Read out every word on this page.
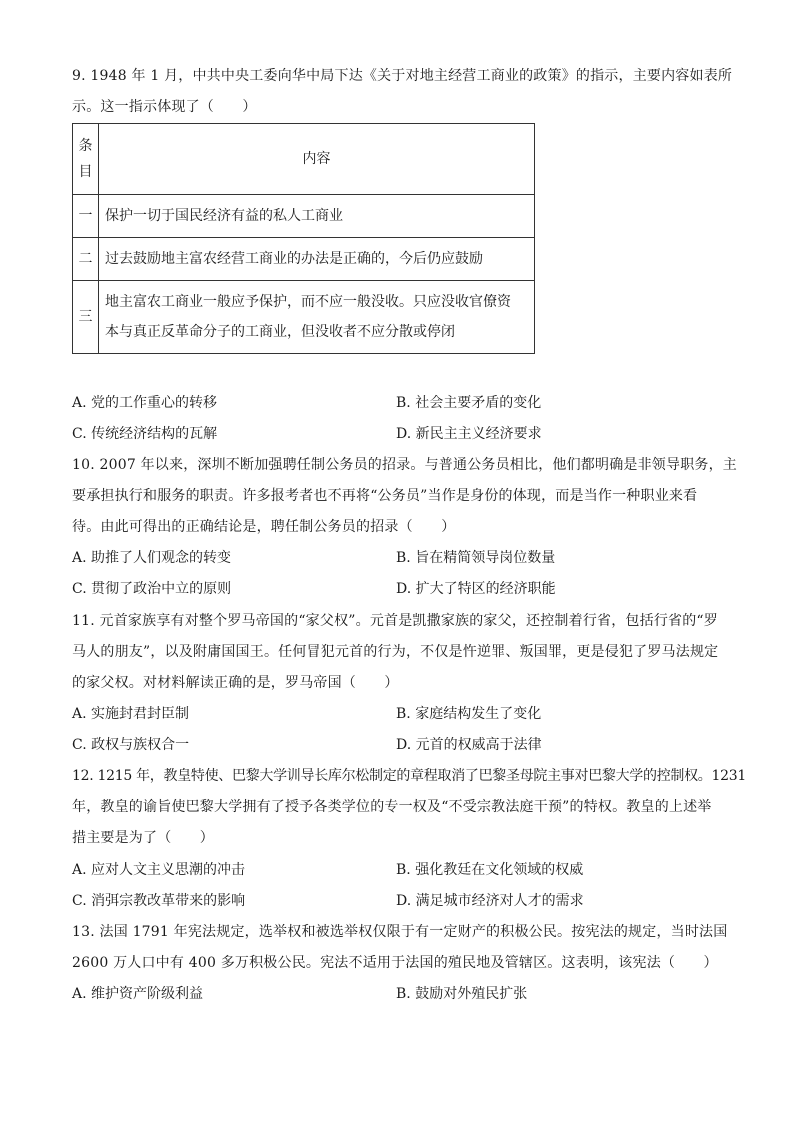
9. 1948 年 1 月，中共中央工委向华中局下达《关于对地主经营工商业的政策》的指示，主要内容如表所
示。这一指示体现了（　　）
条
目	内容
一	保护一切于国民经济有益的私人工商业
二	过去鼓励地主富农经营工商业的办法是正确的，今后仍应鼓励
三	地主富农工商业一般应予保护，而不应一般没收。只应没收官僚资
本与真正反革命分子的工商业，但没收者不应分散或停闭
A. 党的工作重心的转移	B. 社会主要矛盾的变化
C. 传统经济结构的瓦解	D. 新民主主义经济要求
10. 2007 年以来，深圳不断加强聘任制公务员的招录。与普通公务员相比，他们都明确是非领导职务，主
要承担执行和服务的职责。许多报考者也不再将“公务员”当作是身份的体现，而是当作一种职业来看
待。由此可得出的正确结论是，聘任制公务员的招录（　　）
A. 助推了人们观念的转变	B. 旨在精简领导岗位数量
C. 贯彻了政治中立的原则	D. 扩大了特区的经济职能
11. 元首家族享有对整个罗马帝国的“家父权”。元首是凯撒家族的家父，还控制着行省，包括行省的“罗
马人的朋友”，以及附庸国国王。任何冒犯元首的行为，不仅是忤逆罪、叛国罪，更是侵犯了罗马法规定
的家父权。对材料解读正确的是，罗马帝国（　　）
A. 实施封君封臣制	B. 家庭结构发生了变化
C. 政权与族权合一	D. 元首的权威高于法律
12. 1215 年，教皇特使、巴黎大学训导长库尔松制定的章程取消了巴黎圣母院主事对巴黎大学的控制权。1231
年，教皇的谕旨使巴黎大学拥有了授予各类学位的专一权及“不受宗教法庭干预”的特权。教皇的上述举
措主要是为了（　　）
A. 应对人文主义思潮的冲击	B. 强化教廷在文化领域的权威
C. 消弭宗教改革带来的影响	D. 满足城市经济对人才的需求
13. 法国 1791 年宪法规定，选举权和被选举权仅限于有一定财产的积极公民。按宪法的规定，当时法国
2600 万人口中有 400 多万积极公民。宪法不适用于法国的殖民地及管辖区。这表明，该宪法（　　）
A. 维护资产阶级利益	B. 鼓励对外殖民扩张
